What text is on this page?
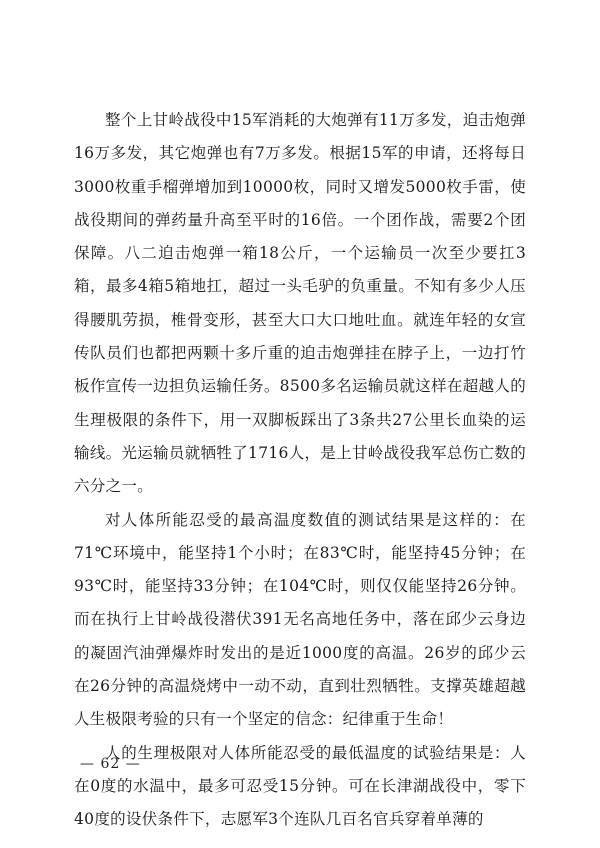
整个上甘岭战役中15军消耗的大炮弹有11万多发，迫击炮弹16万多发，其它炮弹也有7万多发。根据15军的申请，还将每日3000枚重手榴弹增加到10000枚，同时又增发5000枚手雷，使战役期间的弹药量升高至平时的16倍。一个团作战，需要2个团保障。八二迫击炮弹一箱18公斤，一个运输员一次至少要扛3箱，最多4箱5箱地扛，超过一头毛驴的负重量。不知有多少人压得腰肌劳损，椎骨变形，甚至大口大口地吐血。就连年轻的女宣传队员们也都把两颗十多斤重的迫击炮弹挂在脖子上，一边打竹板作宣传一边担负运输任务。8500多名运输员就这样在超越人的生理极限的条件下，用一双脚板踩出了3条共27公里长血染的运输线。光运输员就牺牲了1716人，是上甘岭战役我军总伤亡数的六分之一。

对人体所能忍受的最高温度数值的测试结果是这样的：在71℃环境中，能坚持1个小时；在83℃时，能坚持45分钟；在93℃时，能坚持33分钟；在104℃时，则仅仅能坚持26分钟。而在执行上甘岭战役潜伏391无名高地任务中，落在邱少云身边的凝固汽油弹爆炸时发出的是近1000度的高温。26岁的邱少云在26分钟的高温烧烤中一动不动，直到壮烈牺牲。支撑英雄超越人生极限考验的只有一个坚定的信念：纪律重于生命！

人的生理极限对人体所能忍受的最低温度的试验结果是：人在0度的水温中，最多可忍受15分钟。可在长津湖战役中，零下40度的设伏条件下，志愿军3个连队几百名官兵穿着单薄的

— 62 —
